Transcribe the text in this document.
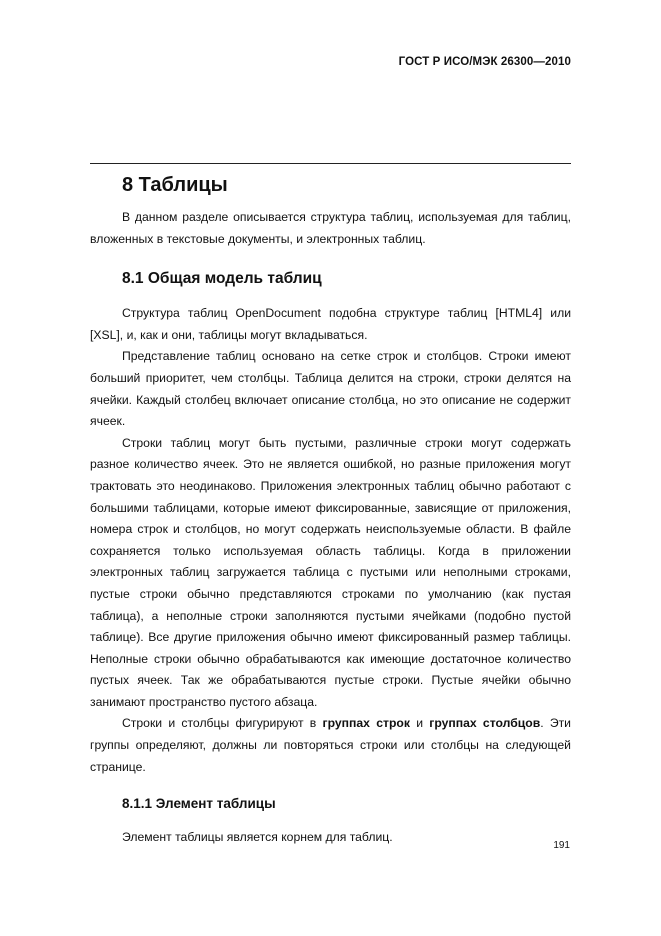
ГОСТ Р ИСО/МЭК 26300—2010
8 Таблицы

В данном разделе описывается структура таблиц, используемая для таблиц, вложенных в текстовые документы, и электронных таблиц.

8.1 Общая модель таблиц

Структура таблиц OpenDocument подобна структуре таблиц [HTML4] или [XSL], и, как и они, таблицы могут вкладываться.

Представление таблиц основано на сетке строк и столбцов. Строки имеют больший приоритет, чем столбцы. Таблица делится на строки, строки делятся на ячейки. Каждый столбец включает описание столбца, но это описание не содержит ячеек.

Строки таблиц могут быть пустыми, различные строки могут содержать разное количество ячеек. Это не является ошибкой, но разные приложения могут трактовать это неодинаково. Приложения электронных таблиц обычно работают с большими таблицами, которые имеют фиксированные, зависящие от приложения, номера строк и столбцов, но могут содержать неиспользуемые области. В файле сохраняется только используемая область таблицы. Когда в приложении электронных таблиц загружается таблица с пустыми или неполными строками, пустые строки обычно представляются строками по умолчанию (как пустая таблица), а неполные строки заполняются пустыми ячейками (подобно пустой таблице). Все другие приложения обычно имеют фиксированный размер таблицы. Неполные строки обычно обрабатываются как имеющие достаточное количество пустых ячеек. Так же обрабатываются пустые строки. Пустые ячейки обычно занимают пространство пустого абзаца.

Строки и столбцы фигурируют в группах строк и группах столбцов. Эти группы определяют, должны ли повторяться строки или столбцы на следующей странице.

8.1.1 Элемент таблицы

Элемент таблицы является корнем для таблиц.

191
